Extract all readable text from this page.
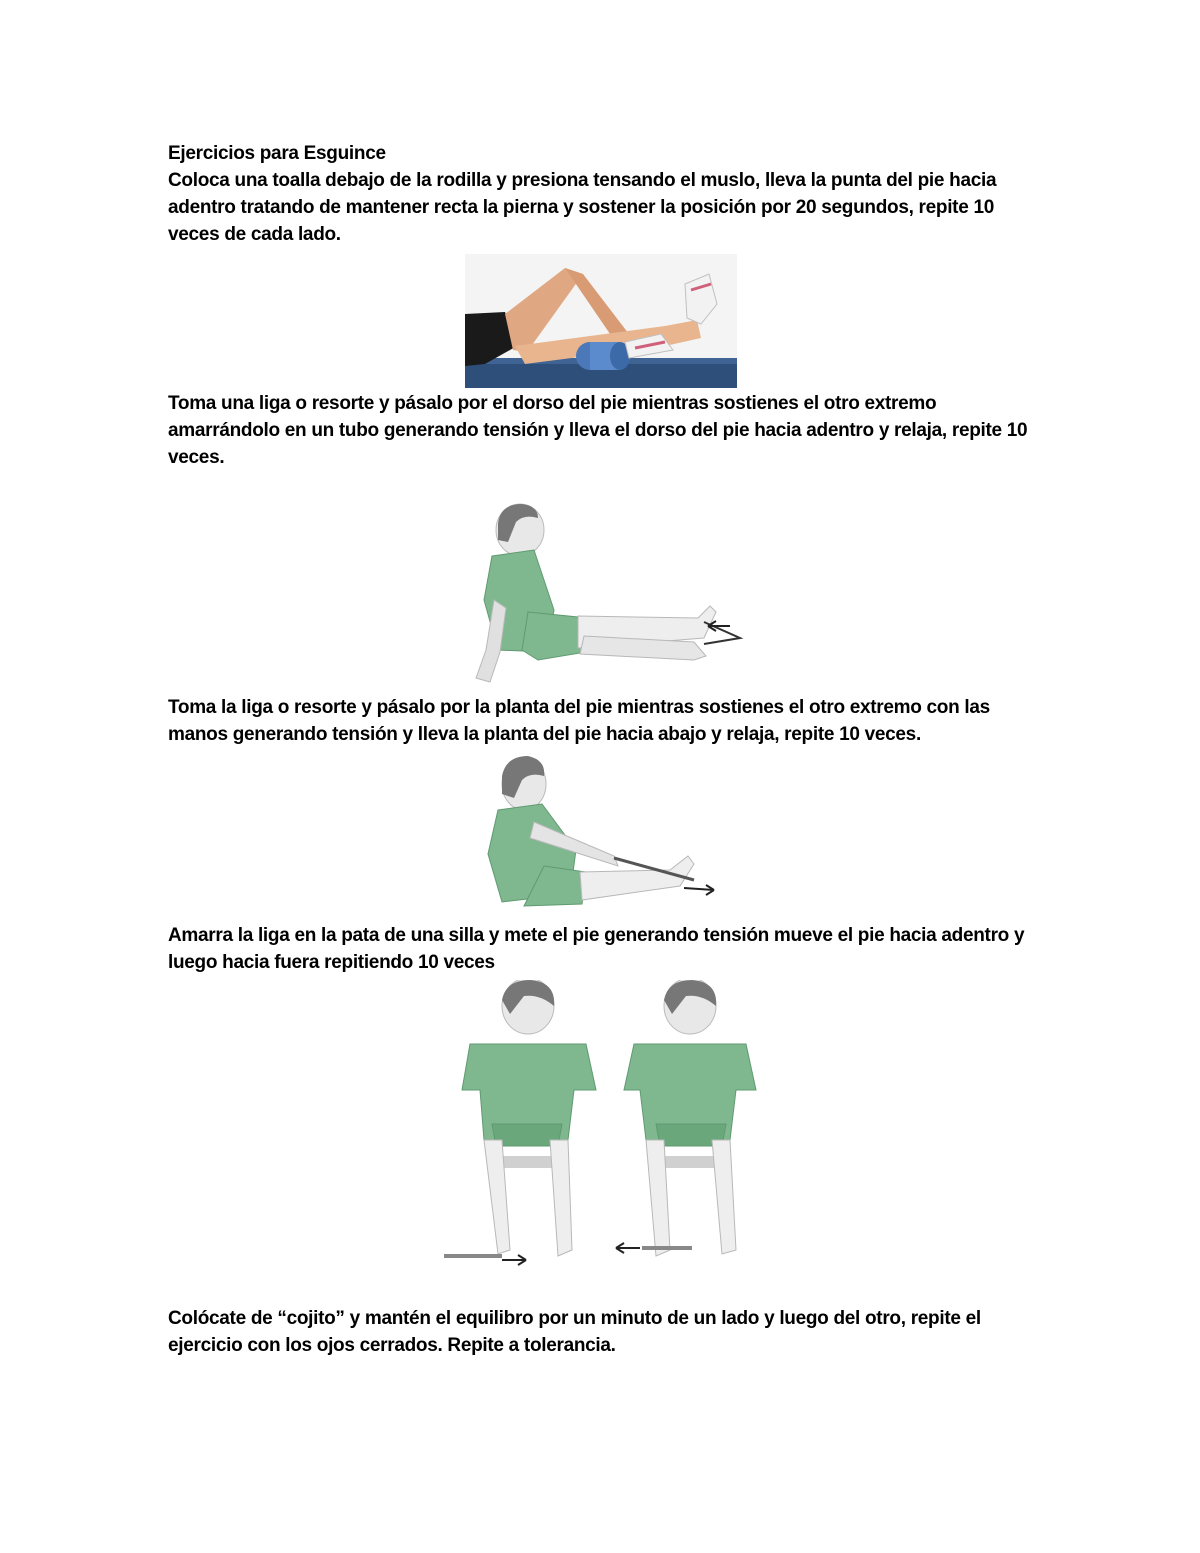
Ejercicios para Esguince

Coloca una toalla debajo de la rodilla y presiona tensando el muslo, lleva la punta del pie hacia adentro tratando de mantener recta la pierna y sostener la posición por 20 segundos, repite 10 veces de cada lado.

Toma una liga o resorte y pásalo por el dorso del pie mientras sostienes el otro extremo amarrándolo en un tubo generando tensión y lleva el dorso del pie hacia adentro y relaja, repite 10 veces.

Toma la liga o resorte y pásalo por la planta del pie mientras sostienes el otro extremo con las manos generando tensión y lleva la planta del pie hacia abajo y relaja, repite 10 veces.

Amarra la liga en la pata de una silla y mete el pie generando tensión mueve el pie hacia adentro y luego hacia fuera repitiendo 10 veces

Colócate de “cojito” y mantén el equilibro por un minuto de un lado y luego del otro, repite el ejercicio con los ojos cerrados. Repite a tolerancia.
